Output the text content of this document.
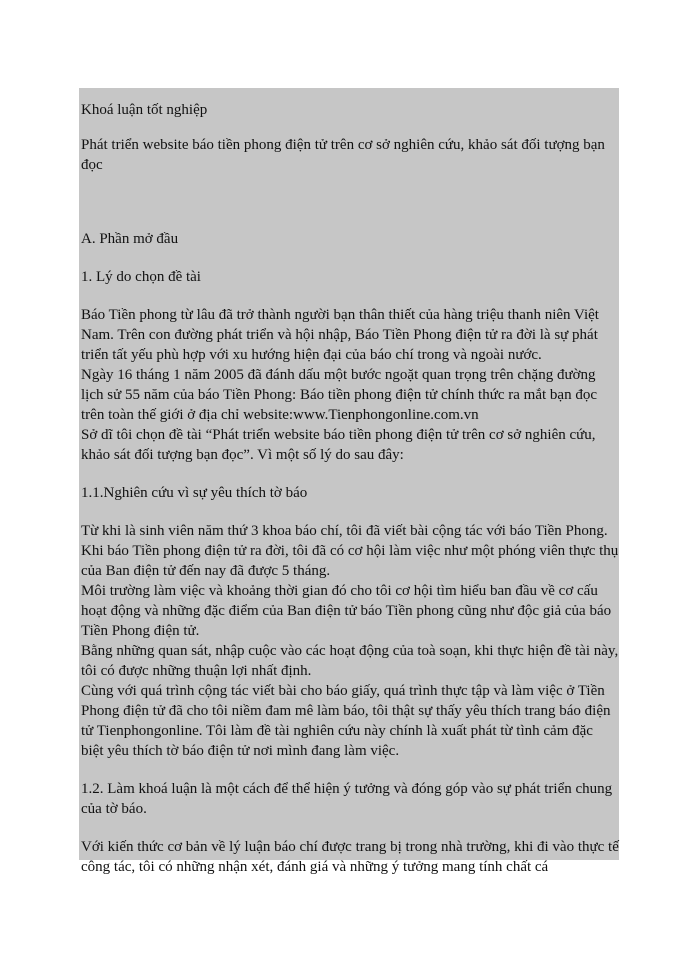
Khoá luận tốt nghiệp

Phát triển website báo tiền phong điện tử trên cơ sở nghiên cứu, khảo sát đối tượng bạn đọc

A. Phần mở đầu

1. Lý do chọn đề tài

Báo Tiền phong từ lâu đã trở thành người bạn thân thiết của hàng triệu thanh niên Việt Nam. Trên con đường phát triển và hội nhập, Báo Tiền Phong điện tử ra đời là sự phát triển tất yếu phù hợp với xu hướng hiện đại của báo chí trong và ngoài nước.

Ngày 16 tháng 1 năm 2005 đã đánh dấu một bước ngoặt quan trọng trên chặng đường lịch sử 55 năm của báo Tiền Phong: Báo tiền phong điện tử chính thức ra mắt bạn đọc trên toàn thế giới ở địa chỉ website:www.Tienphongonline.com.vn

Sở dĩ tôi chọn đề tài “Phát triển website báo tiền phong điện tử trên cơ sở nghiên cứu, khảo sát đối tượng bạn đọc”. Vì một số lý do sau đây:

1.1.Nghiên cứu vì sự yêu thích tờ báo

Từ khi là sinh viên năm thứ 3 khoa báo chí, tôi đã viết bài cộng tác với báo Tiền Phong. Khi báo Tiền phong điện tử ra đời, tôi đã có cơ hội làm việc như một phóng viên thực thụ của Ban điện tử đến nay đã được 5 tháng.

Môi trường làm việc và khoảng thời gian đó cho tôi cơ hội tìm hiểu ban đầu về cơ cấu hoạt động và những đặc điểm của Ban điện tử báo Tiền phong cũng như độc giả của báo Tiền Phong điện tử.

Bằng những quan sát, nhập cuộc vào các hoạt động của toà soạn, khi thực hiện đề tài này, tôi có được những thuận lợi nhất định.

Cùng với quá trình cộng tác viết bài cho báo giấy, quá trình thực tập và làm việc ở Tiền Phong điện tử đã cho tôi niềm đam mê làm báo, tôi thật sự thấy yêu thích trang báo điện tử Tienphongonline. Tôi làm đề tài nghiên cứu này chính là xuất phát từ tình cảm đặc biệt yêu thích tờ báo điện tử nơi mình đang làm việc.

1.2. Làm khoá luận là một cách để thể hiện ý tưởng và đóng góp vào sự phát triển chung của tờ báo.

Với kiến thức cơ bản về lý luận báo chí được trang bị trong nhà trường, khi đi vào thực tế công tác, tôi có những nhận xét, đánh giá và những ý tưởng mang tính chất cá
